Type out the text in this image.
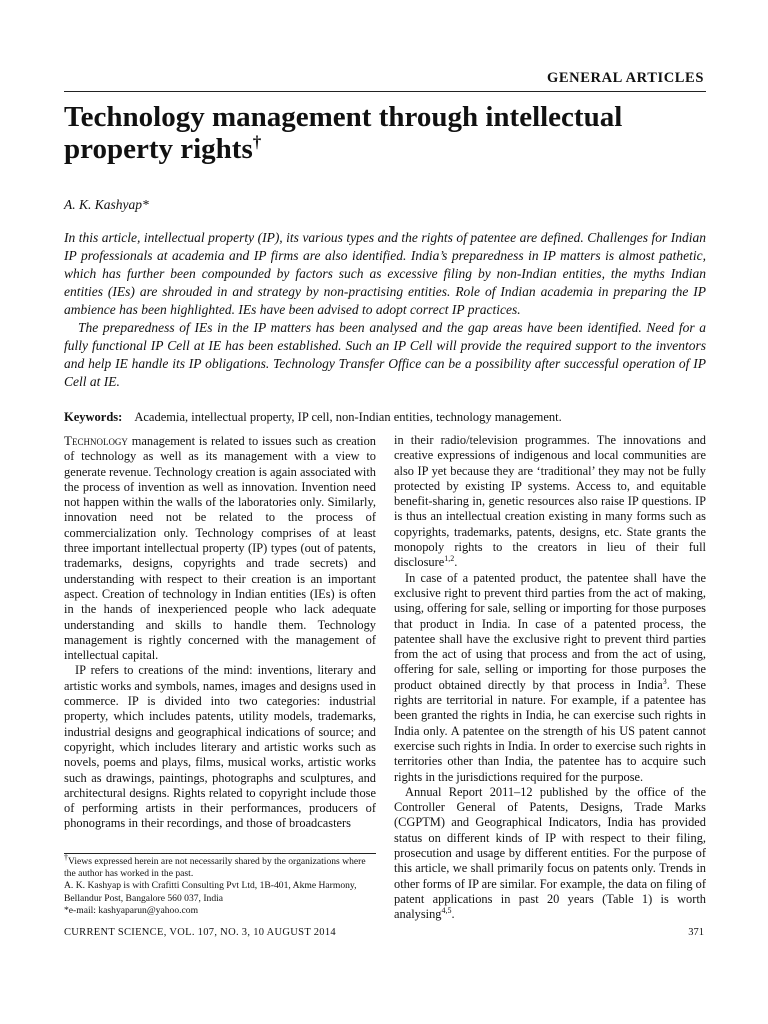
GENERAL ARTICLES

Technology management through intellectual property rights†

A. K. Kashyap*

In this article, intellectual property (IP), its various types and the rights of patentee are defined. Challenges for Indian IP professionals at academia and IP firms are also identified. India’s preparedness in IP matters is almost pathetic, which has further been compounded by factors such as excessive filing by non-Indian entities, the myths Indian entities (IEs) are shrouded in and strategy by non-practising entities. Role of Indian academia in preparing the IP ambience has been highlighted. IEs have been advised to adopt correct IP practices.

The preparedness of IEs in the IP matters has been analysed and the gap areas have been identified. Need for a fully functional IP Cell at IE has been established. Such an IP Cell will provide the required support to the inventors and help IE handle its IP obligations. Technology Transfer Office can be a possibility after successful operation of IP Cell at IE.

Keywords: Academia, intellectual property, IP cell, non-Indian entities, technology management.

Technology management is related to issues such as creation of technology as well as its management with a view to generate revenue. Technology creation is again associated with the process of invention as well as innovation. Invention need not happen within the walls of the laboratories only. Similarly, innovation need not be related to the process of commercialization only. Technology comprises of at least three important intellectual property (IP) types (out of patents, trademarks, designs, copyrights and trade secrets) and understanding with respect to their creation is an important aspect. Creation of technology in Indian entities (IEs) is often in the hands of inexperienced people who lack adequate understanding and skills to handle them. Technology management is rightly concerned with the management of intellectual capital.

IP refers to creations of the mind: inventions, literary and artistic works and symbols, names, images and designs used in commerce. IP is divided into two categories: industrial property, which includes patents, utility models, trademarks, industrial designs and geographical indications of source; and copyright, which includes literary and artistic works such as novels, poems and plays, films, musical works, artistic works such as drawings, paintings, photographs and sculptures, and architectural designs. Rights related to copyright include those of performing artists in their performances, producers of phonograms in their recordings, and those of broadcasters

in their radio/television programmes. The innovations and creative expressions of indigenous and local communities are also IP yet because they are ‘traditional’ they may not be fully protected by existing IP systems. Access to, and equitable benefit-sharing in, genetic resources also raise IP questions. IP is thus an intellectual creation existing in many forms such as copyrights, trademarks, patents, designs, etc. State grants the monopoly rights to the creators in lieu of their full disclosure$^{1,2}$.

In case of a patented product, the patentee shall have the exclusive right to prevent third parties from the act of making, using, offering for sale, selling or importing for those purposes that product in India. In case of a patented process, the patentee shall have the exclusive right to prevent third parties from the act of using that process and from the act of using, offering for sale, selling or importing for those purposes the product obtained directly by that process in India$^3$. These rights are territorial in nature. For example, if a patentee has been granted the rights in India, he can exercise such rights in India only. A patentee on the strength of his US patent cannot exercise such rights in India. In order to exercise such rights in territories other than India, the patentee has to acquire such rights in the jurisdictions required for the purpose.

Annual Report 2011–12 published by the office of the Controller General of Patents, Designs, Trade Marks (CGPTM) and Geographical Indicators, India has provided status on different kinds of IP with respect to their filing, prosecution and usage by different entities. For the purpose of this article, we shall primarily focus on patents only. Trends in other forms of IP are similar. For example, the data on filing of patent applications in past 20 years (Table 1) is worth analysing$^{4,5}$.

†Views expressed herein are not necessarily shared by the organizations where the author has worked in the past.

A. K. Kashyap is with Crafitti Consulting Pvt Ltd, 1B-401, Akme Harmony, Bellandur Post, Bangalore 560 037, India

*e-mail: kashyaparun@yahoo.com

CURRENT SCIENCE, VOL. 107, NO. 3, 10 AUGUST 2014	371
